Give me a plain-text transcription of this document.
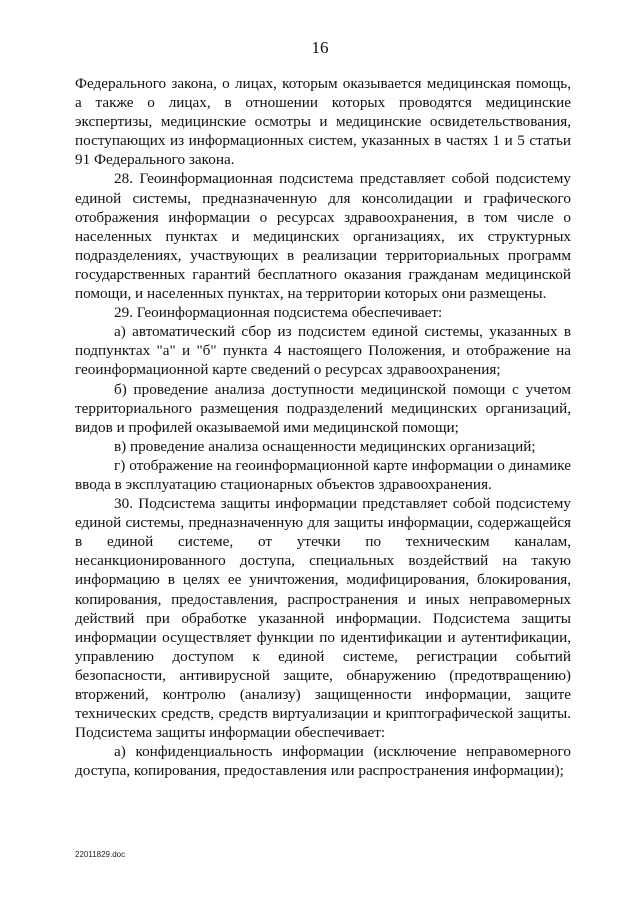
16

Федерального закона, о лицах, которым оказывается медицинская помощь, а также о лицах, в отношении которых проводятся медицинские экспертизы, медицинские осмотры и медицинские освидетельствования, поступающих из информационных систем, указанных в частях 1 и 5 статьи 91 Федерального закона.

28. Геоинформационная подсистема представляет собой подсистему единой системы, предназначенную для консолидации и графического отображения информации о ресурсах здравоохранения, в том числе о населенных пунктах и медицинских организациях, их структурных подразделениях, участвующих в реализации территориальных программ государственных гарантий бесплатного оказания гражданам медицинской помощи, и населенных пунктах, на территории которых они размещены.

29. Геоинформационная подсистема обеспечивает:

а) автоматический сбор из подсистем единой системы, указанных в подпунктах "а" и "б" пункта 4 настоящего Положения, и отображение на геоинформационной карте сведений о ресурсах здравоохранения;

б) проведение анализа доступности медицинской помощи с учетом территориального размещения подразделений медицинских организаций, видов и профилей оказываемой ими медицинской помощи;

в) проведение анализа оснащенности медицинских организаций;

г) отображение на геоинформационной карте информации о динамике ввода в эксплуатацию стационарных объектов здравоохранения.

30. Подсистема защиты информации представляет собой подсистему единой системы, предназначенную для защиты информации, содержащейся в единой системе, от утечки по техническим каналам, несанкционированного доступа, специальных воздействий на такую информацию в целях ее уничтожения, модифицирования, блокирования, копирования, предоставления, распространения и иных неправомерных действий при обработке указанной информации. Подсистема защиты информации осуществляет функции по идентификации и аутентификации, управлению доступом к единой системе, регистрации событий безопасности, антивирусной защите, обнаружению (предотвращению) вторжений, контролю (анализу) защищенности информации, защите технических средств, средств виртуализации и криптографической защиты. Подсистема защиты информации обеспечивает:

а) конфиденциальность информации (исключение неправомерного доступа, копирования, предоставления или распространения информации);

22011829.doc
